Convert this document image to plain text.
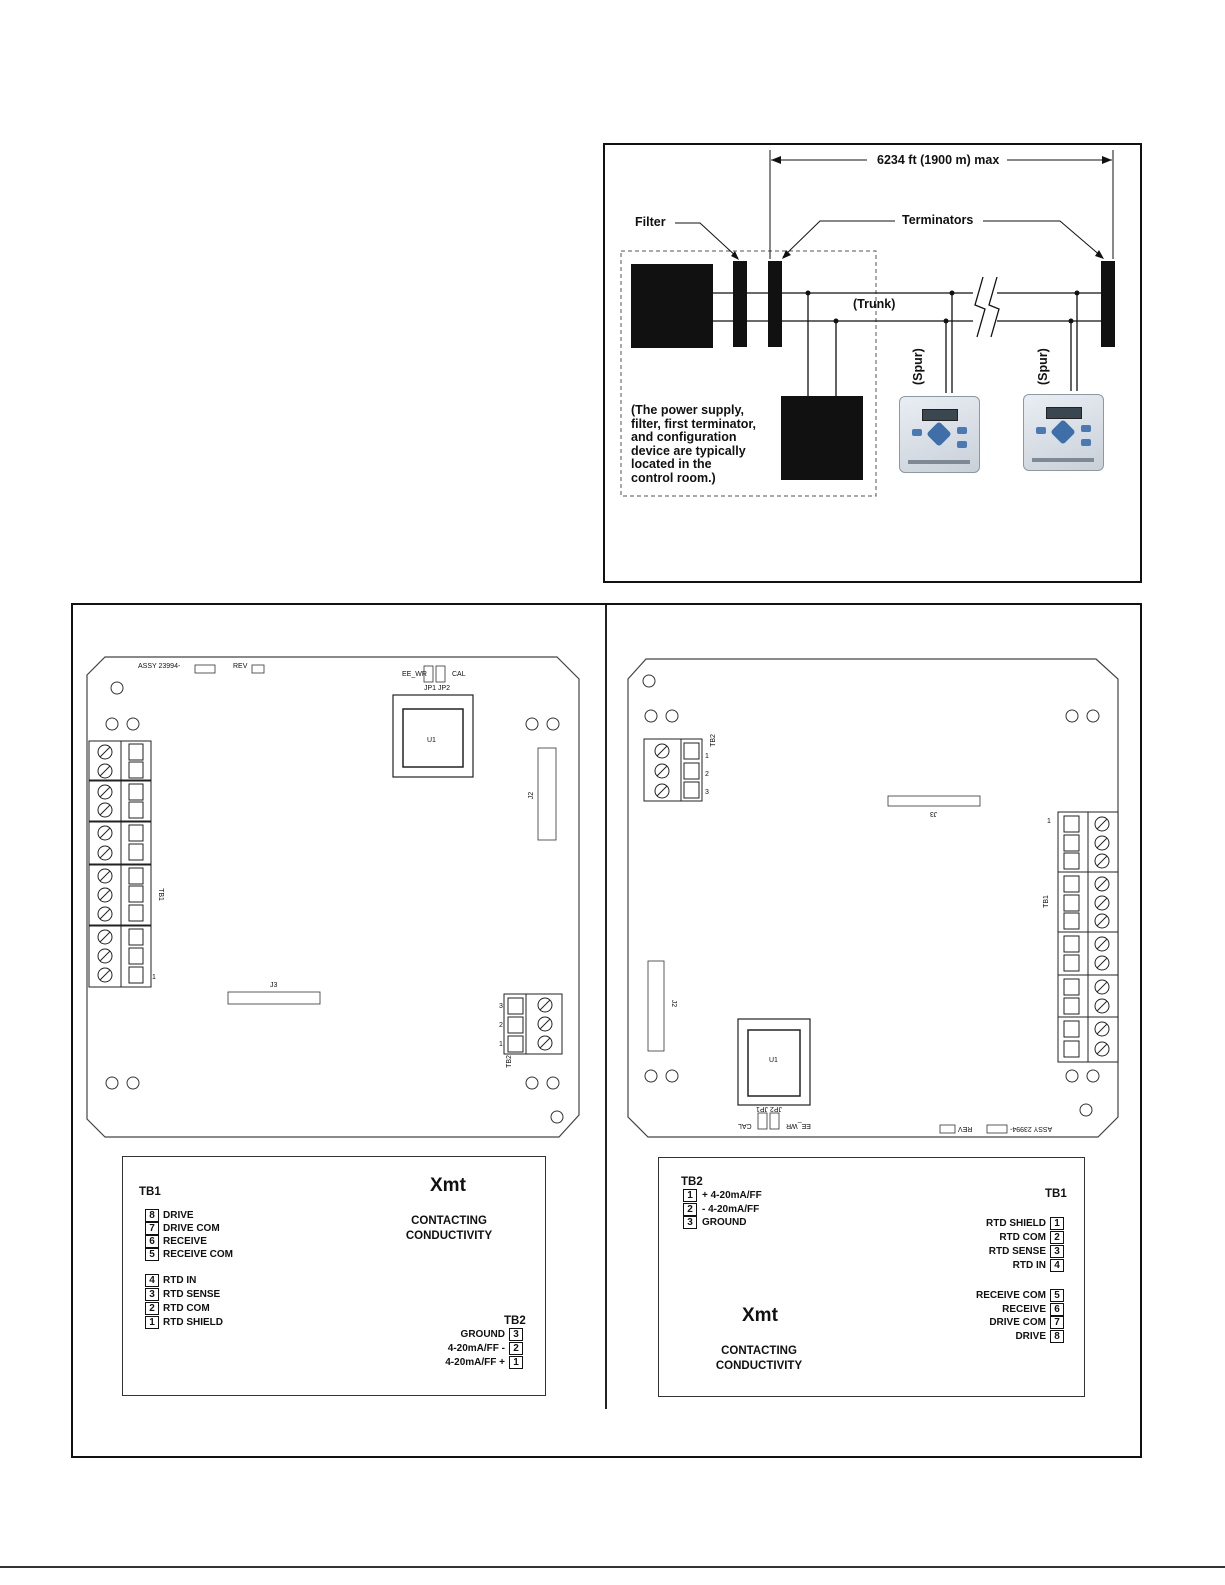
6234 ft (1900 m) max
Filter	Terminators
(Trunk)
(Spur)	(Spur)
(The power supply,
filter, first terminator,
and configuration
device are typically
located in the
control room.)
ASSY 23994-	REV
EE_WR	CAL
JP1 JP2
U1
TB1
J2
J3
TB2
3
2
1
1
TB2
1
2
3
J3
TB1
1
J2
U1
CAL	EE_WR
JP2 JP1
REV	ASSY 23994-
TB1
8 DRIVE
7 DRIVE COM
6 RECEIVE
5 RECEIVE COM
4 RTD IN
3 RTD SENSE
2 RTD COM
1 RTD SHIELD
Xmt
CONTACTING
CONDUCTIVITY
TB2
GROUND 3
4-20mA/FF - 2
4-20mA/FF + 1
TB2
1 + 4-20mA/FF
2 - 4-20mA/FF
3 GROUND
TB1
RTD SHIELD 1
RTD COM 2
RTD SENSE 3
RTD IN 4
RECEIVE COM 5
RECEIVE 6
DRIVE COM 7
DRIVE 8
Xmt
CONTACTING
CONDUCTIVITY
